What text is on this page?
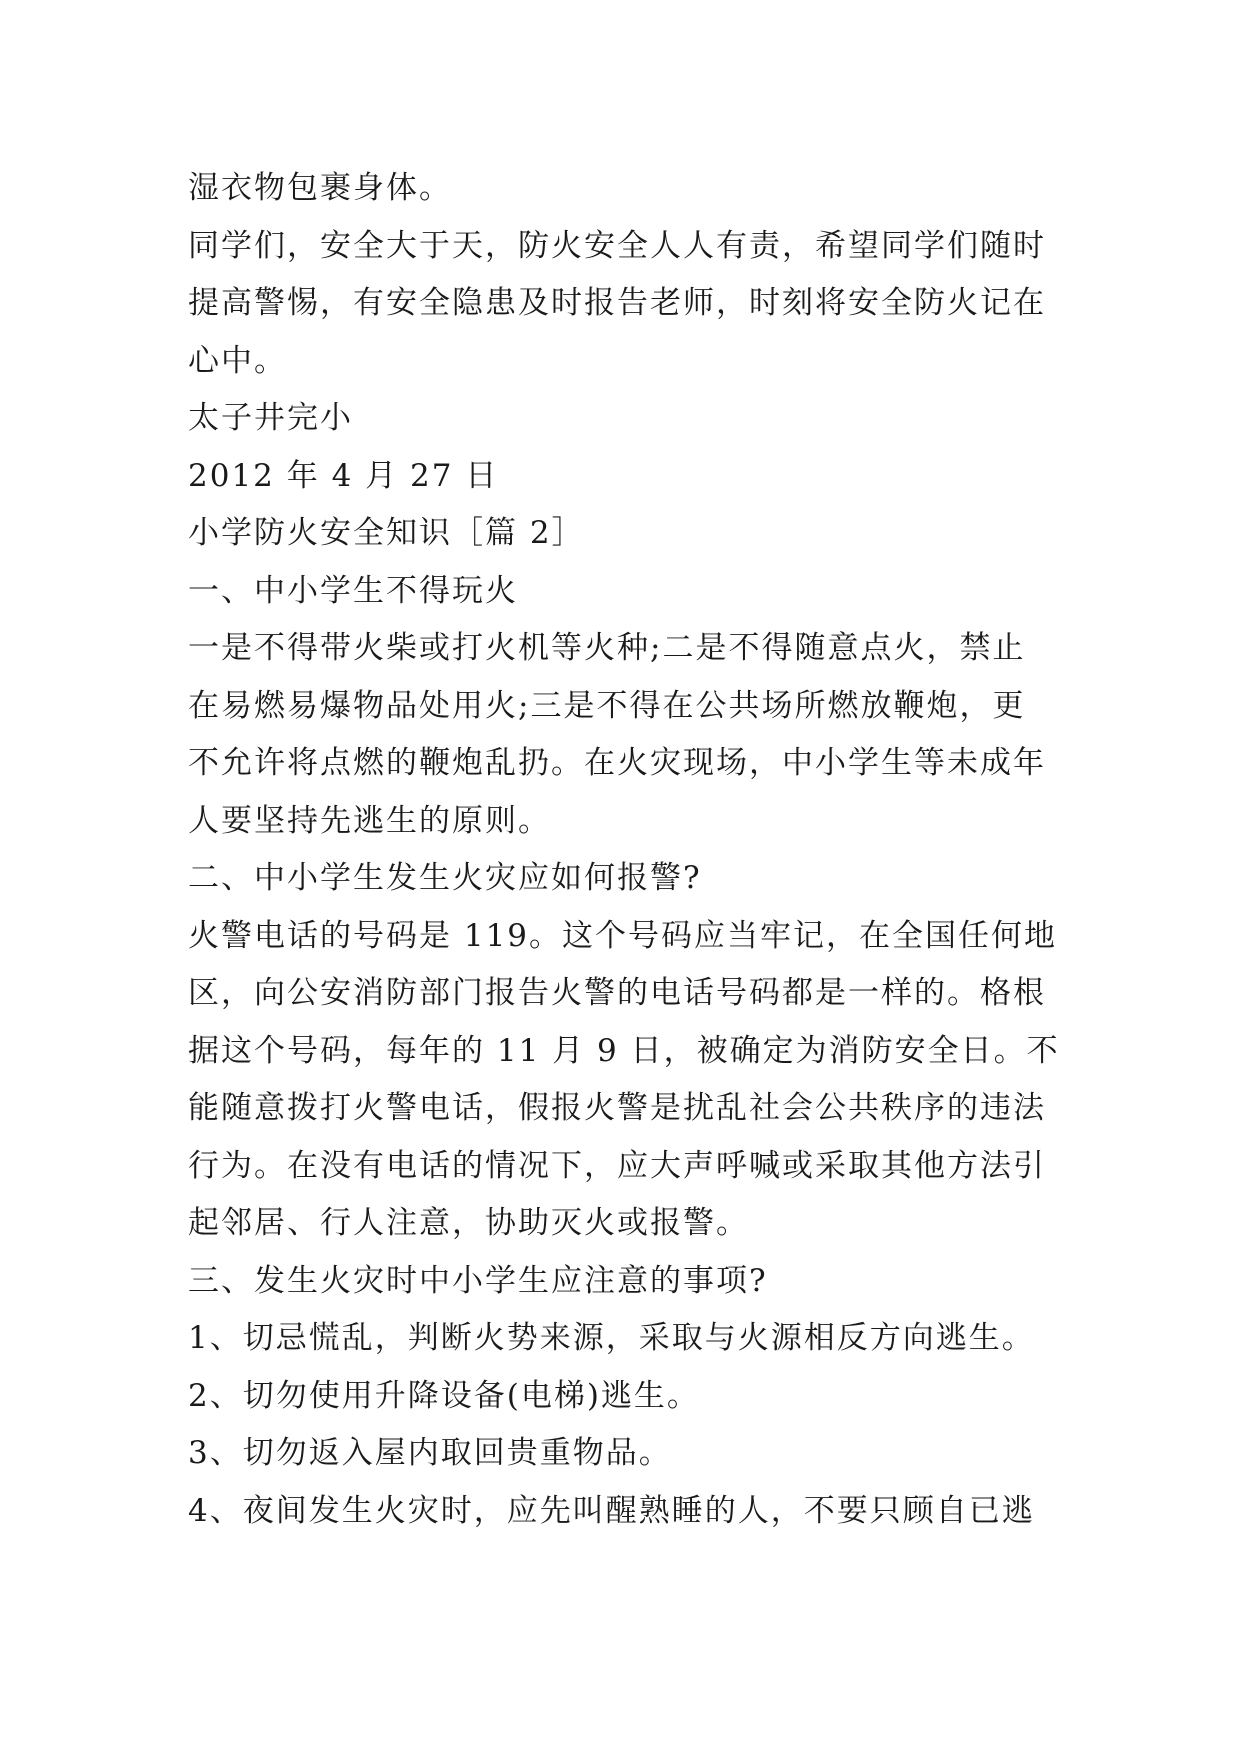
湿衣物包裹身体。
同学们，安全大于天，防火安全人人有责，希望同学们随时
提高警惕，有安全隐患及时报告老师，时刻将安全防火记在
心中。
太子井完小
2012 年 4 月 27 日
小学防火安全知识［篇 2］
一、中小学生不得玩火
一是不得带火柴或打火机等火种;二是不得随意点火，禁止
在易燃易爆物品处用火;三是不得在公共场所燃放鞭炮，更
不允许将点燃的鞭炮乱扔。在火灾现场，中小学生等未成年
人要坚持先逃生的原则。
二、中小学生发生火灾应如何报警?
火警电话的号码是 119。这个号码应当牢记，在全国任何地
区，向公安消防部门报告火警的电话号码都是一样的。格根
据这个号码，每年的 11 月 9 日，被确定为消防安全日。不
能随意拨打火警电话，假报火警是扰乱社会公共秩序的违法
行为。在没有电话的情况下，应大声呼喊或采取其他方法引
起邻居、行人注意，协助灭火或报警。
三、发生火灾时中小学生应注意的事项?
1、切忌慌乱，判断火势来源，采取与火源相反方向逃生。
2、切勿使用升降设备(电梯)逃生。
3、切勿返入屋内取回贵重物品。
4、夜间发生火灾时，应先叫醒熟睡的人，不要只顾自已逃
